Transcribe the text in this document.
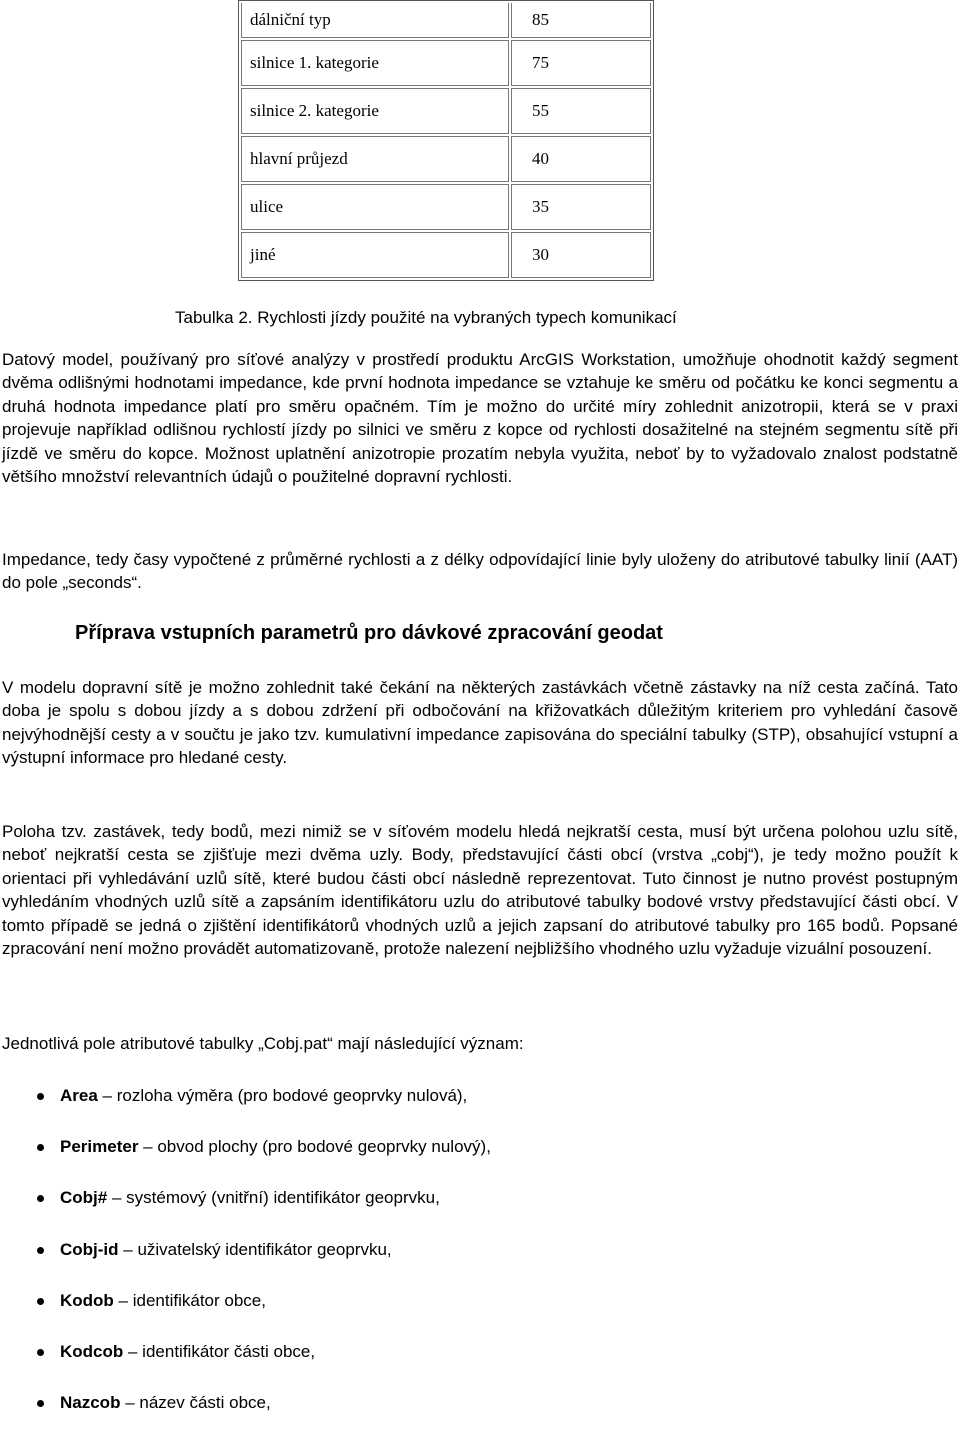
dálniční typ	85
silnice 1. kategorie	75
silnice 2. kategorie	55
hlavní průjezd	40
ulice	35
jiné	30
Tabulka 2. Rychlosti jízdy použité na vybraných typech komunikací

Datový model, používaný pro síťové analýzy v prostředí produktu ArcGIS Workstation, umožňuje ohodnotit každý segment dvěma odlišnými hodnotami impedance, kde první hodnota impedance se vztahuje ke směru od počátku ke konci segmentu a druhá hodnota impedance platí pro směru opačném. Tím je možno do určité míry zohlednit anizotropii, která se v praxi projevuje například odlišnou rychlostí jízdy po silnici ve směru z kopce od rychlosti dosažitelné na stejném segmentu sítě při jízdě ve směru do kopce. Možnost uplatnění anizotropie prozatím nebyla využita, neboť by to vyžadovalo znalost podstatně většího množství relevantních údajů o použitelné dopravní rychlosti.

Impedance, tedy časy vypočtené z průměrné rychlosti a z délky odpovídající linie byly uloženy do atributové tabulky linií (AAT) do pole „seconds“.

Příprava vstupních parametrů pro dávkové zpracování geodat

V modelu dopravní sítě je možno zohlednit také čekání na některých zastávkách včetně zástavky na níž cesta začíná. Tato doba je spolu s dobou jízdy a s dobou zdržení při odbočování na křižovatkách důležitým kriteriem pro vyhledání časově nejvýhodnější cesty a v součtu je jako tzv. kumulativní impedance zapisována do speciální tabulky (STP), obsahující vstupní a výstupní informace pro hledané cesty.

Poloha tzv. zastávek, tedy bodů, mezi nimiž se v síťovém modelu hledá nejkratší cesta, musí být určena polohou uzlu sítě, neboť nejkratší cesta se zjišťuje mezi dvěma uzly. Body, představující části obcí (vrstva „cobj“), je tedy možno použít k orientaci při vyhledávání uzlů sítě, které budou části obcí následně reprezentovat. Tuto činnost je nutno provést postupným vyhledáním vhodných uzlů sítě a zapsáním identifikátoru uzlu do atributové tabulky bodové vrstvy představující části obcí. V tomto případě se jedná o zjištění identifikátorů vhodných uzlů a jejich zapsaní do atributové tabulky pro 165 bodů. Popsané zpracování není možno provádět automatizovaně, protože nalezení nejbližšího vhodného uzlu vyžaduje vizuální posouzení.

Jednotlivá pole atributové tabulky „Cobj.pat“ mají následující význam:

Area – rozloha výměra (pro bodové geoprvky nulová),
Perimeter – obvod plochy (pro bodové geoprvky nulový),
Cobj# – systémový (vnitřní) identifikátor geoprvku,
Cobj-id – uživatelský identifikátor geoprvku,
Kodob – identifikátor obce,
Kodcob – identifikátor části obce,
Nazcob – název části obce,
